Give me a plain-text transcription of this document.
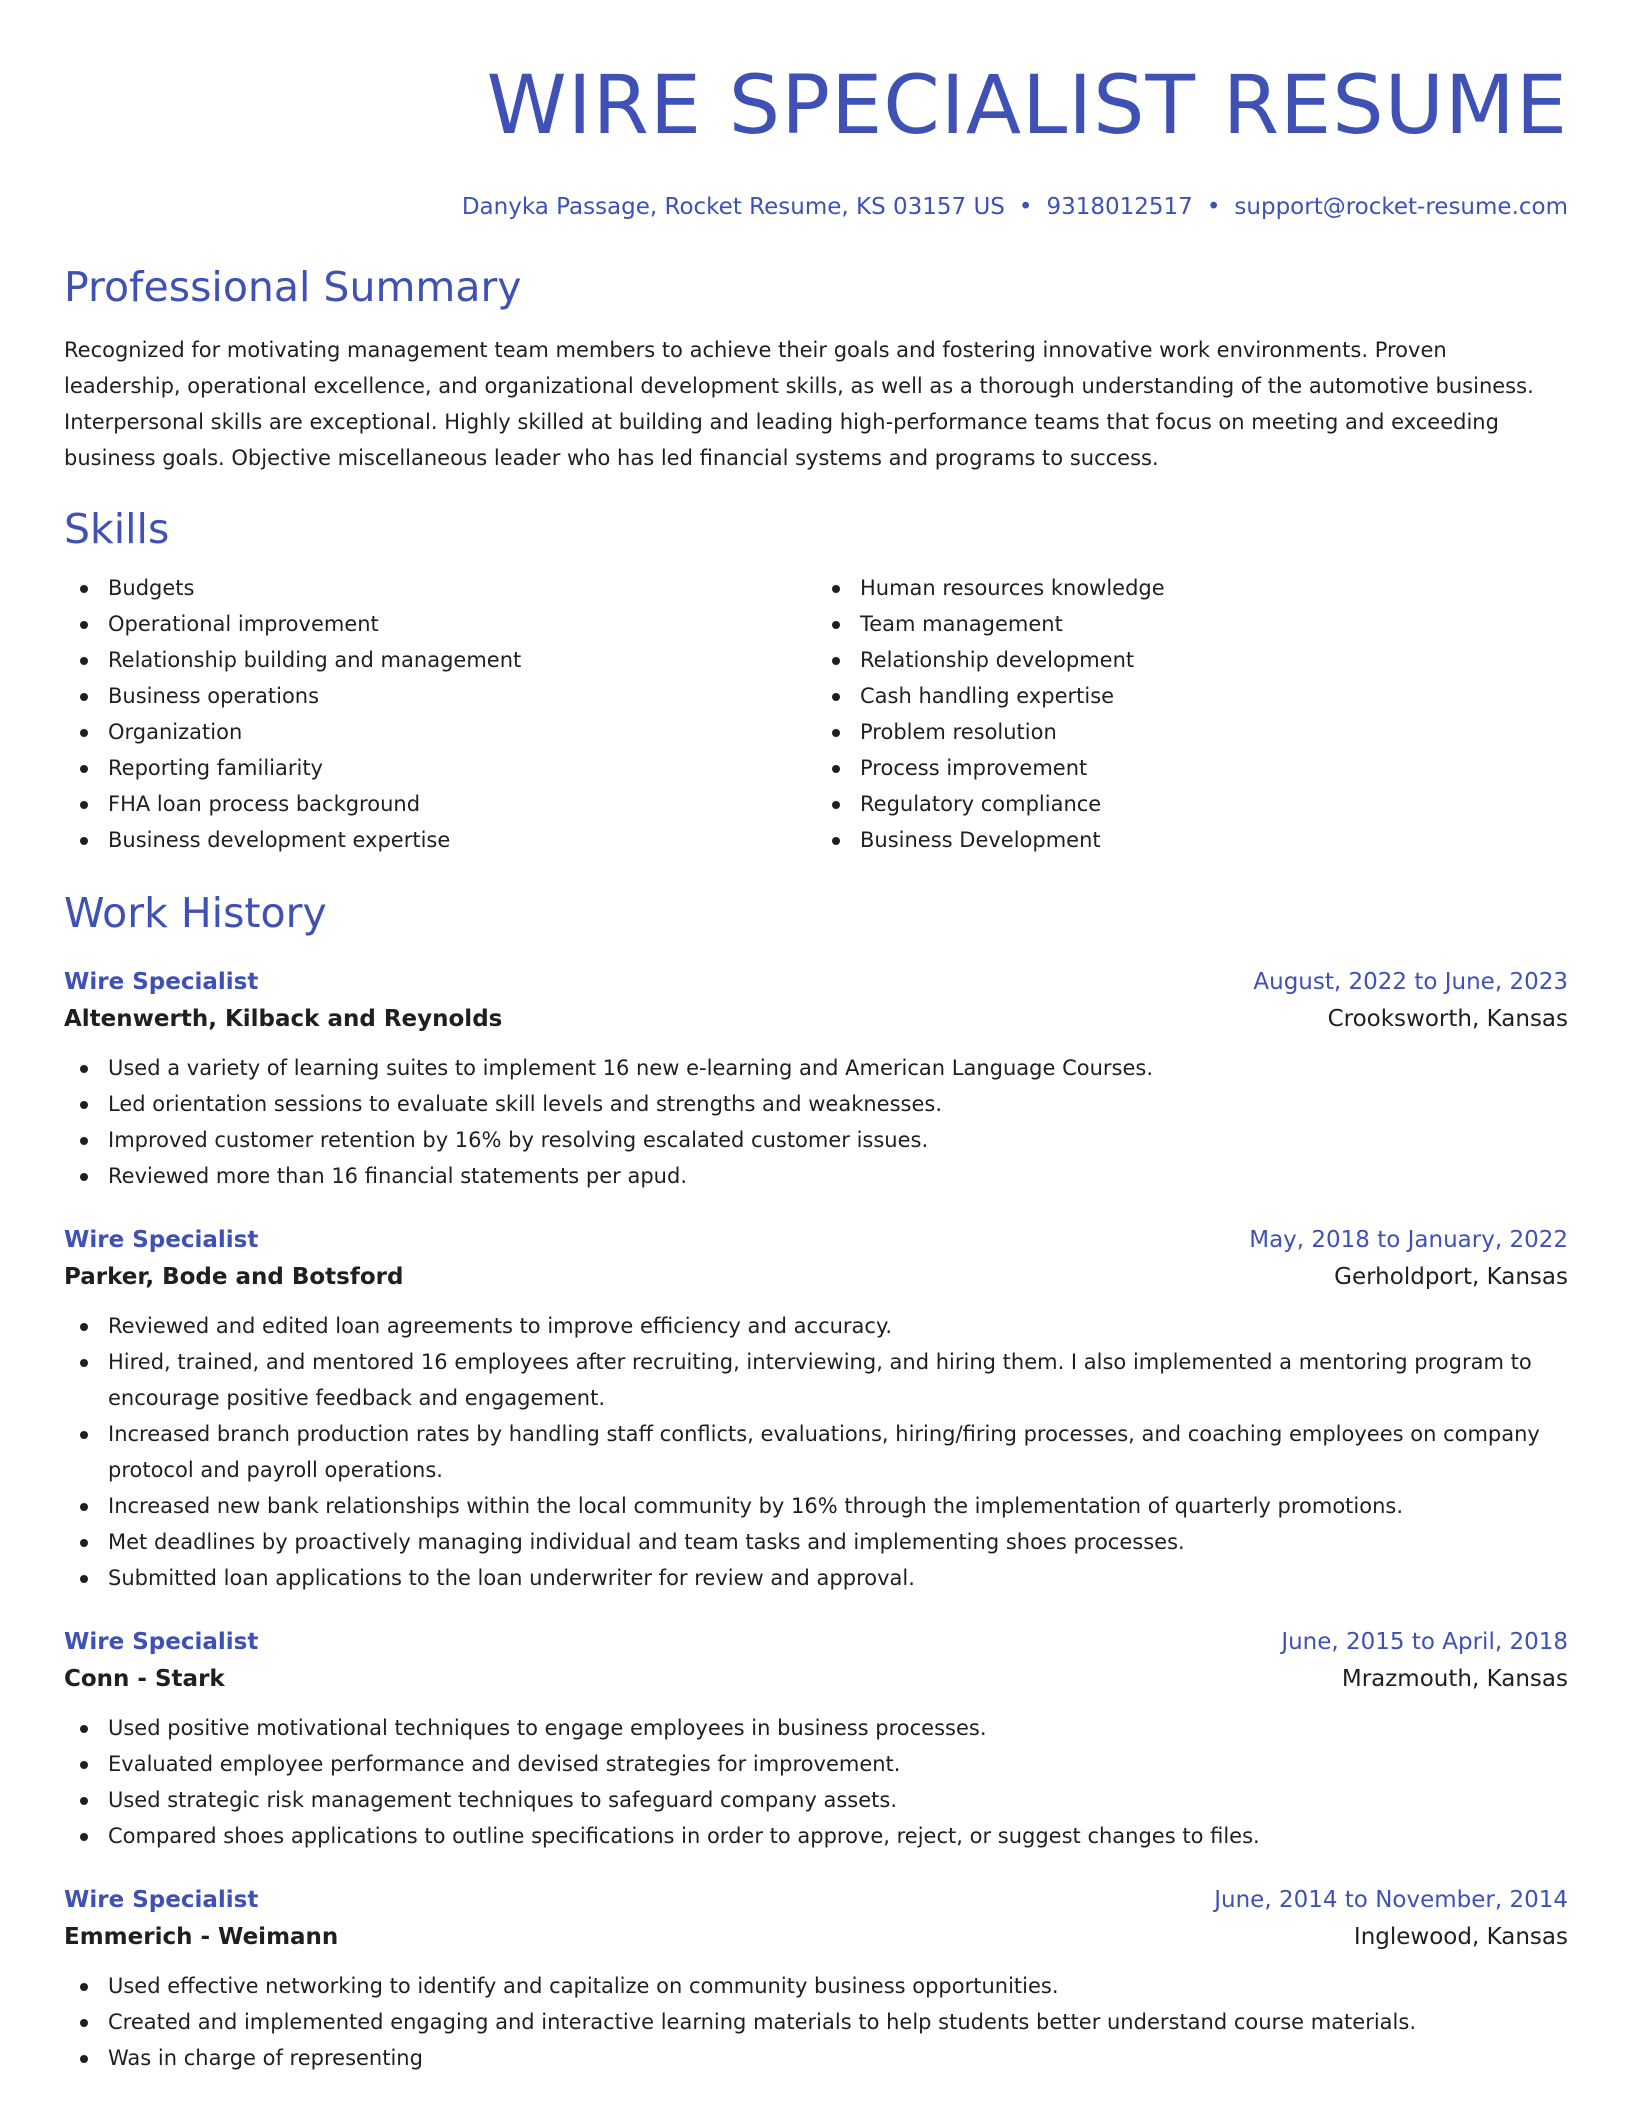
WIRE SPECIALIST RESUME
Danyka Passage, Rocket Resume, KS 03157 US • 9318012517 • support@rocket-resume.com
Professional Summary
Recognized for motivating management team members to achieve their goals and fostering innovative work environments. Proven leadership, operational excellence, and organizational development skills, as well as a thorough understanding of the automotive business. Interpersonal skills are exceptional. Highly skilled at building and leading high-performance teams that focus on meeting and exceeding business goals. Objective miscellaneous leader who has led financial systems and programs to success.
Skills
Budgets
Operational improvement
Relationship building and management
Business operations
Organization
Reporting familiarity
FHA loan process background
Business development expertise
Human resources knowledge
Team management
Relationship development
Cash handling expertise
Problem resolution
Process improvement
Regulatory compliance
Business Development
Work History
Wire Specialist	August, 2022 to June, 2023
Altenwerth, Kilback and Reynolds	Crooksworth, Kansas
Used a variety of learning suites to implement 16 new e-learning and American Language Courses.
Led orientation sessions to evaluate skill levels and strengths and weaknesses.
Improved customer retention by 16% by resolving escalated customer issues.
Reviewed more than 16 financial statements per apud.
Wire Specialist	May, 2018 to January, 2022
Parker, Bode and Botsford	Gerholdport, Kansas
Reviewed and edited loan agreements to improve efficiency and accuracy.
Hired, trained, and mentored 16 employees after recruiting, interviewing, and hiring them. I also implemented a mentoring program to encourage positive feedback and engagement.
Increased branch production rates by handling staff conflicts, evaluations, hiring/firing processes, and coaching employees on company protocol and payroll operations.
Increased new bank relationships within the local community by 16% through the implementation of quarterly promotions.
Met deadlines by proactively managing individual and team tasks and implementing shoes processes.
Submitted loan applications to the loan underwriter for review and approval.
Wire Specialist	June, 2015 to April, 2018
Conn - Stark	Mrazmouth, Kansas
Used positive motivational techniques to engage employees in business processes.
Evaluated employee performance and devised strategies for improvement.
Used strategic risk management techniques to safeguard company assets.
Compared shoes applications to outline specifications in order to approve, reject, or suggest changes to files.
Wire Specialist	June, 2014 to November, 2014
Emmerich - Weimann	Inglewood, Kansas
Used effective networking to identify and capitalize on community business opportunities.
Created and implemented engaging and interactive learning materials to help students better understand course materials.
Was in charge of representing
